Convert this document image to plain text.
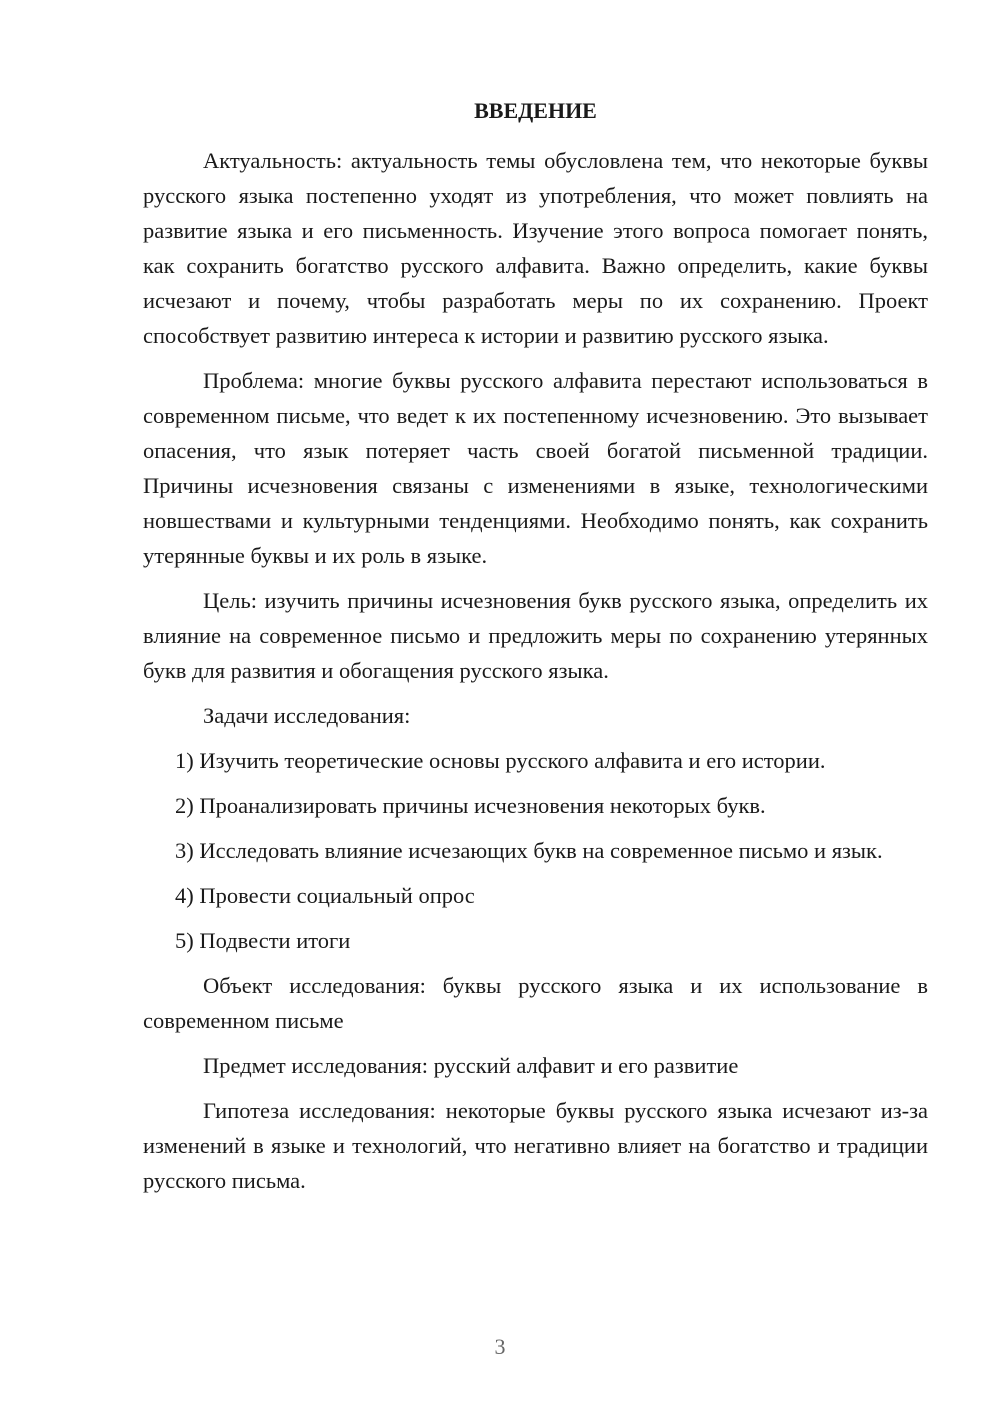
ВВЕДЕНИЕ

Актуальность: актуальность темы обусловлена тем, что некоторые буквы русского языка постепенно уходят из употребления, что может повлиять на развитие языка и его письменность. Изучение этого вопроса помогает понять, как сохранить богатство русского алфавита. Важно определить, какие буквы исчезают и почему, чтобы разработать меры по их сохранению. Проект способствует развитию интереса к истории и развитию русского языка.

Проблема: многие буквы русского алфавита перестают использоваться в современном письме, что ведет к их постепенному исчезновению. Это вызывает опасения, что язык потеряет часть своей богатой письменной традиции. Причины исчезновения связаны с изменениями в языке, технологическими новшествами и культурными тенденциями. Необходимо понять, как сохранить утерянные буквы и их роль в языке.

Цель: изучить причины исчезновения букв русского языка, определить их влияние на современное письмо и предложить меры по сохранению утерянных букв для развития и обогащения русского языка.

Задачи исследования:

1) Изучить теоретические основы русского алфавита и его истории.

2) Проанализировать причины исчезновения некоторых букв.

3) Исследовать влияние исчезающих букв на современное письмо и язык.

4) Провести социальный опрос

5) Подвести итоги

Объект исследования: буквы русского языка и их использование в современном письме

Предмет исследования: русский алфавит и его развитие

Гипотеза исследования: некоторые буквы русского языка исчезают из-за изменений в языке и технологий, что негативно влияет на богатство и традиции русского письма.

3
